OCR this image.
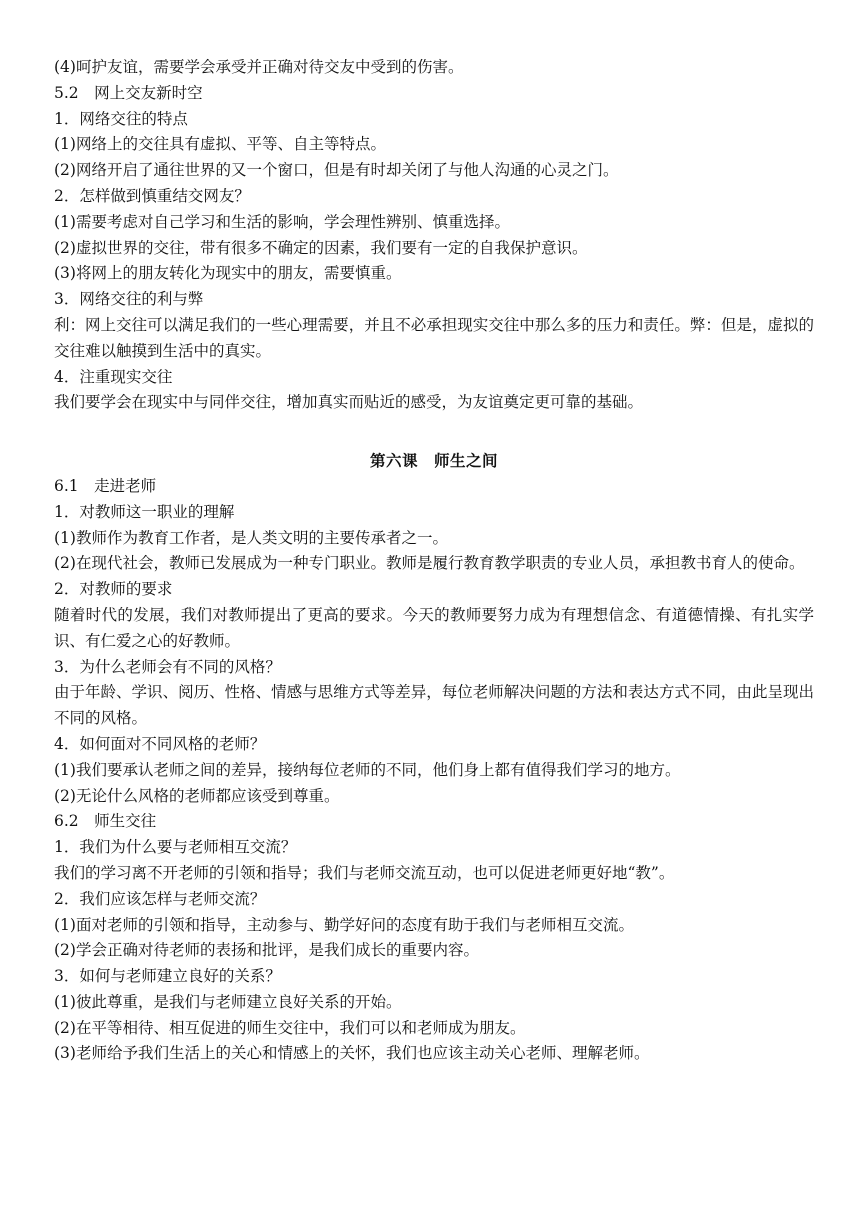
(4)呵护友谊，需要学会承受并正确对待交友中受到的伤害。
5.2　网上交友新时空
1．网络交往的特点
(1)网络上的交往具有虚拟、平等、自主等特点。
(2)网络开启了通往世界的又一个窗口，但是有时却关闭了与他人沟通的心灵之门。
2．怎样做到慎重结交网友？
(1)需要考虑对自己学习和生活的影响，学会理性辨别、慎重选择。
(2)虚拟世界的交往，带有很多不确定的因素，我们要有一定的自我保护意识。
(3)将网上的朋友转化为现实中的朋友，需要慎重。
3．网络交往的利与弊
利：网上交往可以满足我们的一些心理需要，并且不必承担现实交往中那么多的压力和责任。弊：但是，虚拟的交往难以触摸到生活中的真实。
4．注重现实交往
我们要学会在现实中与同伴交往，增加真实而贴近的感受，为友谊奠定更可靠的基础。
第六课 师生之间
6.1　走进老师
1．对教师这一职业的理解
(1)教师作为教育工作者，是人类文明的主要传承者之一。
(2)在现代社会，教师已发展成为一种专门职业。教师是履行教育教学职责的专业人员，承担教书育人的使命。
2．对教师的要求
随着时代的发展，我们对教师提出了更高的要求。今天的教师要努力成为有理想信念、有道德情操、有扎实学识、有仁爱之心的好教师。
3．为什么老师会有不同的风格？
由于年龄、学识、阅历、性格、情感与思维方式等差异，每位老师解决问题的方法和表达方式不同，由此呈现出不同的风格。
4．如何面对不同风格的老师？
(1)我们要承认老师之间的差异，接纳每位老师的不同，他们身上都有值得我们学习的地方。
(2)无论什么风格的老师都应该受到尊重。
6.2　师生交往
1．我们为什么要与老师相互交流？
我们的学习离不开老师的引领和指导；我们与老师交流互动，也可以促进老师更好地“教”。
2．我们应该怎样与老师交流？
(1)面对老师的引领和指导，主动参与、勤学好问的态度有助于我们与老师相互交流。
(2)学会正确对待老师的表扬和批评，是我们成长的重要内容。
3．如何与老师建立良好的关系？
(1)彼此尊重，是我们与老师建立良好关系的开始。
(2)在平等相待、相互促进的师生交往中，我们可以和老师成为朋友。
(3)老师给予我们生活上的关心和情感上的关怀，我们也应该主动关心老师、理解老师。
